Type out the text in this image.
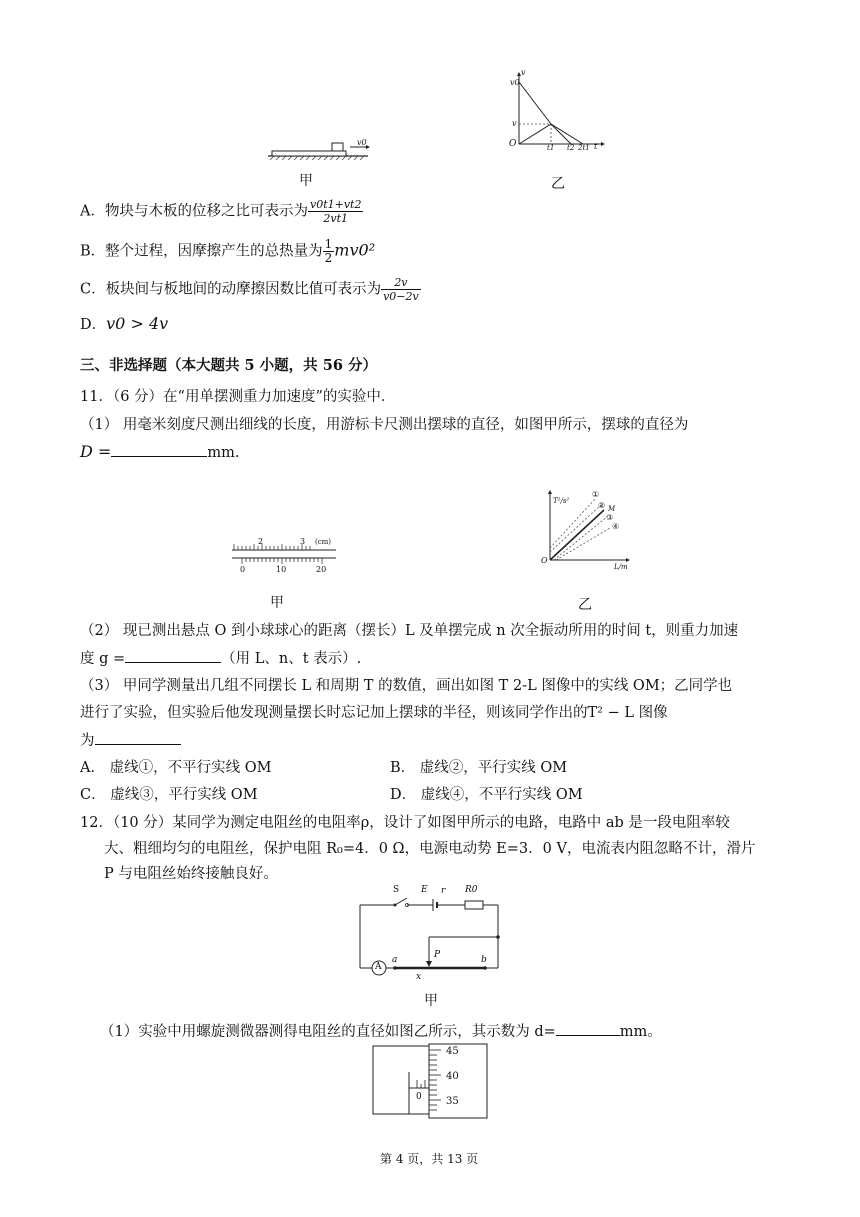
v0
甲
v
v0
v
O	t1 t2 2t1 t
乙
A．物块与木板的位移之比可表示为 $\frac{v0t1+vt2}{2vt1}$
B．整个过程，因摩擦产生的总热量为 $\frac{1}{2} mv0^2$
C．板块间与板地间的动摩擦因数比值可表示为 $\frac{2v}{v0-2v}$
D．v0 > 4v
三、非选择题（本大题共 5 小题，共 56 分）
11．（6 分）在“用单摆测重力加速度”的实验中．
（1） 用毫米刻度尺测出细线的长度，用游标卡尺测出摆球的直径，如图甲所示，摆球的直径为
D =	mm.
2	3 (cm)
0	10	20
甲
T²/s²
L/m
O
M
①
②
③
④
乙
（2） 现已测出悬点 O 到小球球心的距离（摆长）L 及单摆完成 n 次全振动所用的时间 t，则重力加速
度 g =	（用 L、n、t 表示）.
（3） 甲同学测量出几组不同摆长 L 和周期 T 的数值，画出如图 T 2-L 图像中的实线 OM；乙同学也
进行了实验，但实验后他发现测量摆长时忘记加上摆球的半径，则该同学作出的T² − L 图像
为
A． 虚线①，不平行实线 OM	B． 虚线②，平行实线 OM
C． 虚线③，平行实线 OM	D． 虚线④，不平行实线 OM
12．（10 分）某同学为测定电阻丝的电阻率ρ，设计了如图甲所示的电路，电路中 ab 是一段电阻率较
大、粗细均匀的电阻丝，保护电阻 R₀=4．0 Ω，电源电动势 E=3．0 V，电流表内阻忽略不计，滑片
P 与电阻丝始终接触良好。
S E r R0
A
a	b
P
x
甲
（1）实验中用螺旋测微器测得电阻丝的直径如图乙所示，其示数为 d=	mm。
45
40
35
0
第 4 页，共 13 页
